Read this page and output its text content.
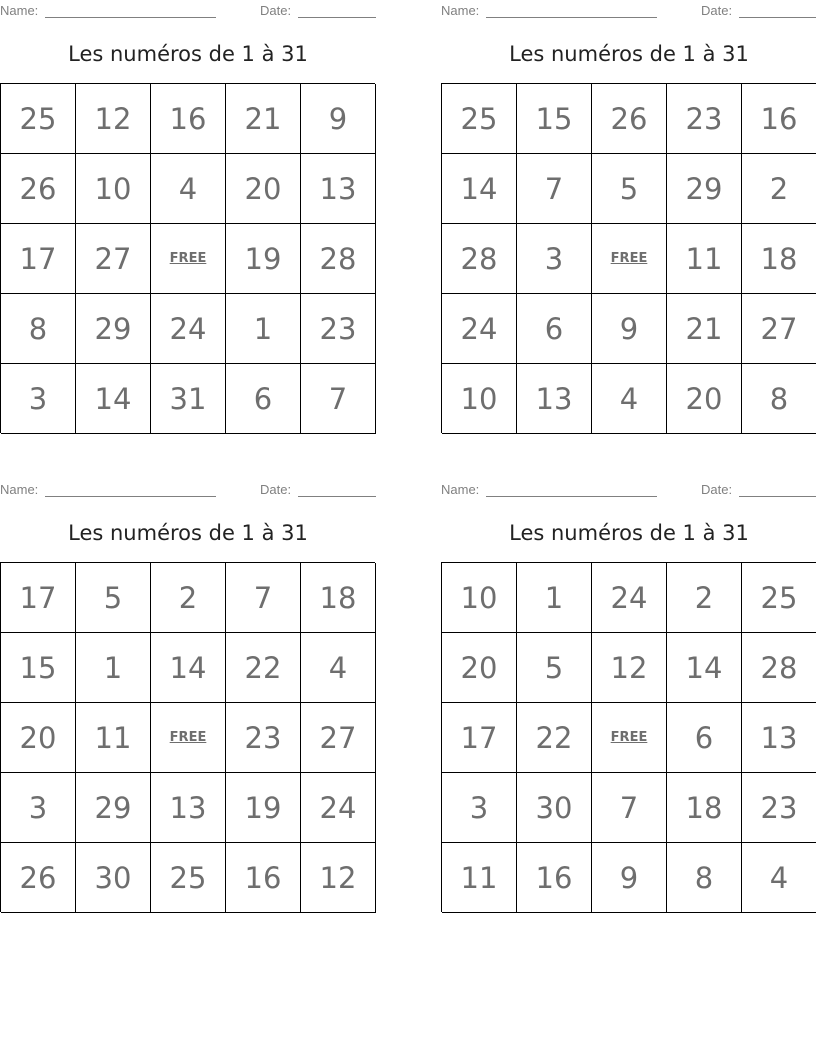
Name:	Date:
Les numéros de 1 à 31
25	12	16	21	9
26	10	4	20	13
17	27	FREE	19	28
8	29	24	1	23
3	14	31	6	7
Name:	Date:
Les numéros de 1 à 31
25	15	26	23	16
14	7	5	29	2
28	3	FREE	11	18
24	6	9	21	27
10	13	4	20	8
Name:	Date:
Les numéros de 1 à 31
17	5	2	7	18
15	1	14	22	4
20	11	FREE	23	27
3	29	13	19	24
26	30	25	16	12
Name:	Date:
Les numéros de 1 à 31
10	1	24	2	25
20	5	12	14	28
17	22	FREE	6	13
3	30	7	18	23
11	16	9	8	4
